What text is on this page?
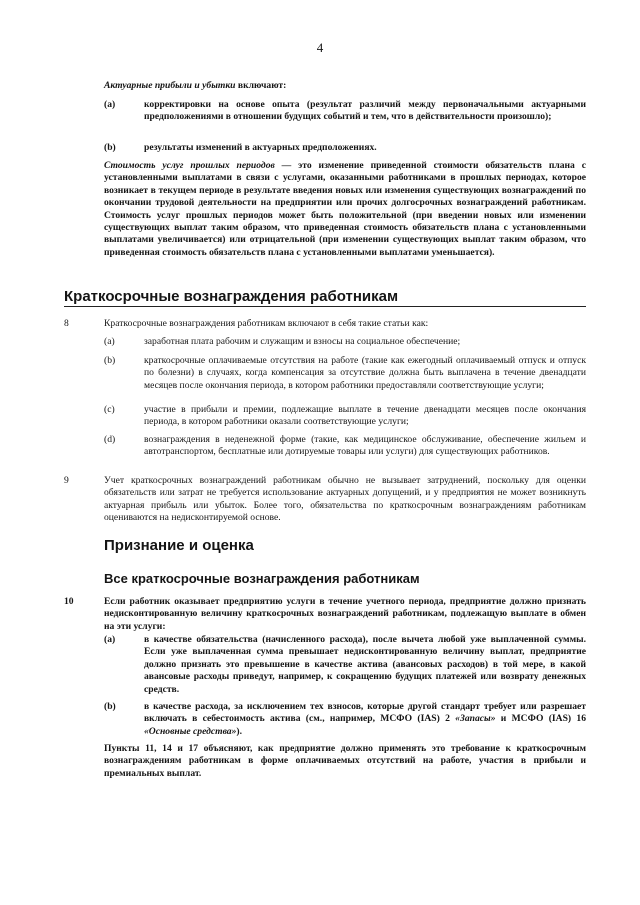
4
Актуарные прибыли и убытки включают:
(a)	корректировки на основе опыта (результат различий между первоначальными актуарными предположениями в отношении будущих событий и тем, что в действительности произошло);
(b)	результаты изменений в актуарных предположениях.
Стоимость услуг прошлых периодов — это изменение приведенной стоимости обязательств плана с установленными выплатами в связи с услугами, оказанными работниками в прошлых периодах, которое возникает в текущем периоде в результате введения новых или изменения существующих вознаграждений по окончании трудовой деятельности на предприятии или прочих долгосрочных вознаграждений работникам. Стоимость услуг прошлых периодов может быть положительной (при введении новых или изменении существующих выплат таким образом, что приведенная стоимость обязательств плана с установленными выплатами увеличивается) или отрицательной (при изменении существующих выплат таким образом, что приведенная стоимость обязательств плана с установленными выплатами уменьшается).
Краткосрочные вознаграждения работникам
8	Краткосрочные вознаграждения работникам включают в себя такие статьи как:
(a)	заработная плата рабочим и служащим и взносы на социальное обеспечение;
(b)	краткосрочные оплачиваемые отсутствия на работе (такие как ежегодный оплачиваемый отпуск и отпуск по болезни) в случаях, когда компенсация за отсутствие должна быть выплачена в течение двенадцати месяцев после окончания периода, в котором работники предоставляли соответствующие услуги;
(c)	участие в прибыли и премии, подлежащие выплате в течение двенадцати месяцев после окончания периода, в котором работники оказали соответствующие услуги;
(d)	вознаграждения в неденежной форме (такие, как медицинское обслуживание, обеспечение жильем и автотранспортом, бесплатные или дотируемые товары или услуги) для существующих работников.
9	Учет краткосрочных вознаграждений работникам обычно не вызывает затруднений, поскольку для оценки обязательств или затрат не требуется использование актуарных допущений, и у предприятия не может возникнуть актуарная прибыль или убыток. Более того, обязательства по краткосрочным вознаграждениям работникам оцениваются на недисконтируемой основе.
Признание и оценка
Все краткосрочные вознаграждения работникам
10	Если работник оказывает предприятию услуги в течение учетного периода, предприятие должно признать недисконтированную величину краткосрочных вознаграждений работникам, подлежащую выплате в обмен на эти услуги:
(a)	в качестве обязательства (начисленного расхода), после вычета любой уже выплаченной суммы. Если уже выплаченная сумма превышает недисконтированную величину выплат, предприятие должно признать это превышение в качестве актива (авансовых расходов) в той мере, в какой авансовые расходы приведут, например, к сокращению будущих платежей или возврату денежных средств.
(b)	в качестве расхода, за исключением тех взносов, которые другой стандарт требует или разрешает включать в себестоимость актива (см., например, МСФО (IAS) 2 «Запасы» и МСФО (IAS) 16 «Основные средства»).
Пункты 11, 14 и 17 объясняют, как предприятие должно применять это требование к краткосрочным вознаграждениям работникам в форме оплачиваемых отсутствий на работе, участия в прибыли и премиальных выплат.
